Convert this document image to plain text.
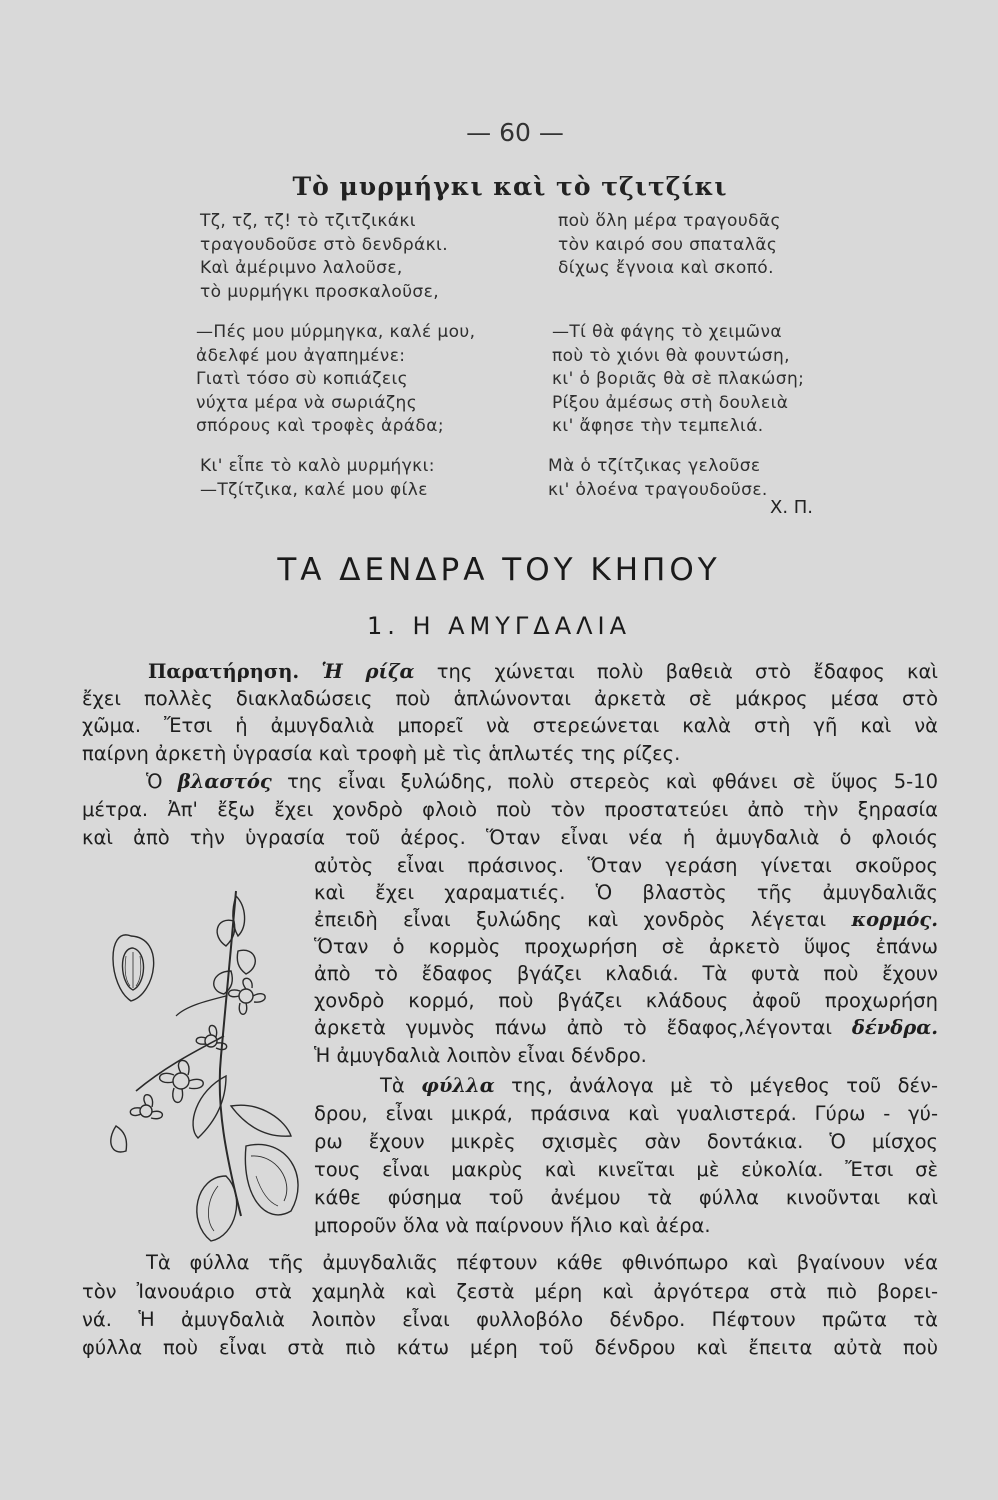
— 60 —
Τὸ μυρμήγκι καὶ τὸ τζιτζίκι
Τζ, τζ, τζ! τὸ τζιτζικάκι
τραγουδοῦσε στὸ δενδράκι.
Καὶ ἀμέριμνο λαλοῦσε,
τὸ μυρμήγκι προσκαλοῦσε,
—Πές μου μύρμηγκα, καλέ μου,
ἀδελφέ μου ἀγαπημένε:
Γιατὶ τόσο σὺ κοπιάζεις
νύχτα μέρα νὰ σωριάζης
σπόρους καὶ τροφὲς ἀράδα;
Κι' εἶπε τὸ καλὸ μυρμήγκι:
—Τζίτζικα, καλέ μου φίλε
ποὺ ὅλη μέρα τραγουδᾶς
τὸν καιρό σου σπαταλᾶς
δίχως ἔγνοια καὶ σκοπό.
—Τί θὰ φάγης τὸ χειμῶνα
ποὺ τὸ χιόνι θὰ φουντώση,
κι' ὁ βοριᾶς θὰ σὲ πλακώση;
Ρίξου ἀμέσως στὴ δουλειὰ
κι' ἄφησε τὴν τεμπελιά.
Μὰ ὁ τζίτζικας γελοῦσε
κι' ὁλοένα τραγουδοῦσε.
Χ. Π.
ΤΑ ΔΕΝΔΡΑ ΤΟΥ ΚΗΠΟΥ
1. Η ΑΜΥΓΔΑΛΙΑ
Παρατήρηση. Ἡ ρίζα της χώνεται πολὺ βαθειὰ στὸ ἔδαφος καὶ
ἔχει πολλὲς διακλαδώσεις ποὺ ἁπλώνονται ἀρκετὰ σὲ μάκρος μέσα στὸ
χῶμα. Ἔτσι ἡ ἀμυγδαλιὰ μπορεῖ νὰ στερεώνεται καλὰ στὴ γῆ καὶ νὰ
παίρνη ἀρκετὴ ὑγρασία καὶ τροφὴ μὲ τὶς ἁπλωτές της ρίζες.
Ὁ βλαστός της εἶναι ξυλώδης, πολὺ στερεὸς καὶ φθάνει σὲ ὕψος 5-10
μέτρα. Ἀπ' ἔξω ἔχει χονδρὸ φλοιὸ ποὺ τὸν προστατεύει ἀπὸ τὴν ξηρασία
καὶ ἀπὸ τὴν ὑγρασία τοῦ ἀέρος. Ὅταν εἶναι νέα ἡ ἀμυγδαλιὰ ὁ φλοιός
αὐτὸς εἶναι πράσινος. Ὅταν γεράση γίνεται σκοῦρος
καὶ ἔχει χαραματιές. Ὁ βλαστὸς τῆς ἀμυγδαλιᾶς
ἐπειδὴ εἶναι ξυλώδης καὶ χονδρὸς λέγεται κορμός.
Ὅταν ὁ κορμὸς προχωρήση σὲ ἀρκετὸ ὕψος ἐπάνω
ἀπὸ τὸ ἔδαφος βγάζει κλαδιά. Τὰ φυτὰ ποὺ ἔχουν
χονδρὸ κορμό, ποὺ βγάζει κλάδους ἀφοῦ προχωρήση
ἀρκετὰ γυμνὸς πάνω ἀπὸ τὸ ἔδαφος,λέγονται δένδρα.
Ἡ ἀμυγδαλιὰ λοιπὸν εἶναι δένδρο.
Τὰ φύλλα της, ἀνάλογα μὲ τὸ μέγεθος τοῦ δέν-
δρου, εἶναι μικρά, πράσινα καὶ γυαλιστερά. Γύρω - γύ-
ρω ἔχουν μικρὲς σχισμὲς σὰν δοντάκια. Ὁ μίσχος
τους εἶναι μακρὺς καὶ κινεῖται μὲ εὐκολία. Ἔτσι σὲ
κάθε φύσημα τοῦ ἀνέμου τὰ φύλλα κινοῦνται καὶ
μποροῦν ὅλα νὰ παίρνουν ἥλιο καὶ ἀέρα.
Τὰ φύλλα τῆς ἀμυγδαλιᾶς πέφτουν κάθε φθινόπωρο καὶ βγαίνουν νέα
τὸν Ἰανουάριο στὰ χαμηλὰ καὶ ζεστὰ μέρη καὶ ἀργότερα στὰ πιὸ βορει-
νά. Ἡ ἀμυγδαλιὰ λοιπὸν εἶναι φυλλοβόλο δένδρο. Πέφτουν πρῶτα τὰ
φύλλα ποὺ εἶναι στὰ πιὸ κάτω μέρη τοῦ δένδρου καὶ ἔπειτα αὐτὰ ποὺ
